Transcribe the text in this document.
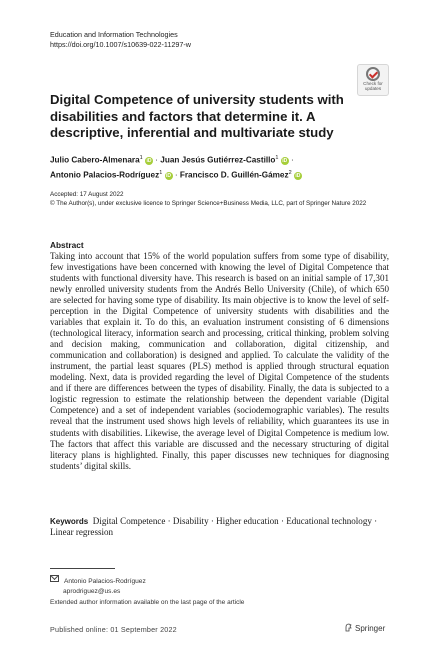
Education and Information Technologies
https://doi.org/10.1007/s10639-022-11297-w
Check for
updates
Digital Competence of university students with disabilities and factors that determine it. A descriptive, inferential and multivariate study
Julio Cabero-Almenara$^1$ iD · Juan Jesús Gutiérrez-Castillo$^1$ iD ·
Antonio Palacios-Rodríguez$^1$ iD · Francisco D. Guillén-Gámez$^2$ iD
Accepted: 17 August 2022
© The Author(s), under exclusive licence to Springer Science+Business Media, LLC, part of Springer Nature 2022
Abstract
Taking into account that 15% of the world population suffers from some type of disability, few investigations have been concerned with knowing the level of Digital Competence that students with functional diversity have. This research is based on an initial sample of 17,301 newly enrolled university students from the Andrés Bello University (Chile), of which 650 are selected for having some type of disability. Its main objective is to know the level of self-perception in the Digital Competence of university students with disabilities and the variables that explain it. To do this, an evaluation instrument consisting of 6 dimensions (technological literacy, information search and processing, critical thinking, problem solving and decision making, communication and collaboration, digital citizenship, and communication and collaboration) is designed and applied. To calculate the validity of the instrument, the partial least squares (PLS) method is applied through structural equation modeling. Next, data is provided regarding the level of Digital Competence of the students and if there are differences between the types of disability. Finally, the data is subjected to a logistic regression to estimate the relationship between the dependent variable (Digital Competence) and a set of independent variables (sociodemographic variables). The results reveal that the instrument used shows high levels of reliability, which guarantees its use in students with disabilities. Likewise, the average level of Digital Competence is medium low. The factors that affect this variable are discussed and the necessary structuring of digital literacy plans is highlighted. Finally, this paper discusses new techniques for diagnosing students’ digital skills.
Keywords Digital Competence · Disability · Higher education · Educational technology · Linear regression
Antonio Palacios-Rodríguez
aprodriguez@us.es
Extended author information available on the last page of the article
Published online: 01 September 2022	Springer
